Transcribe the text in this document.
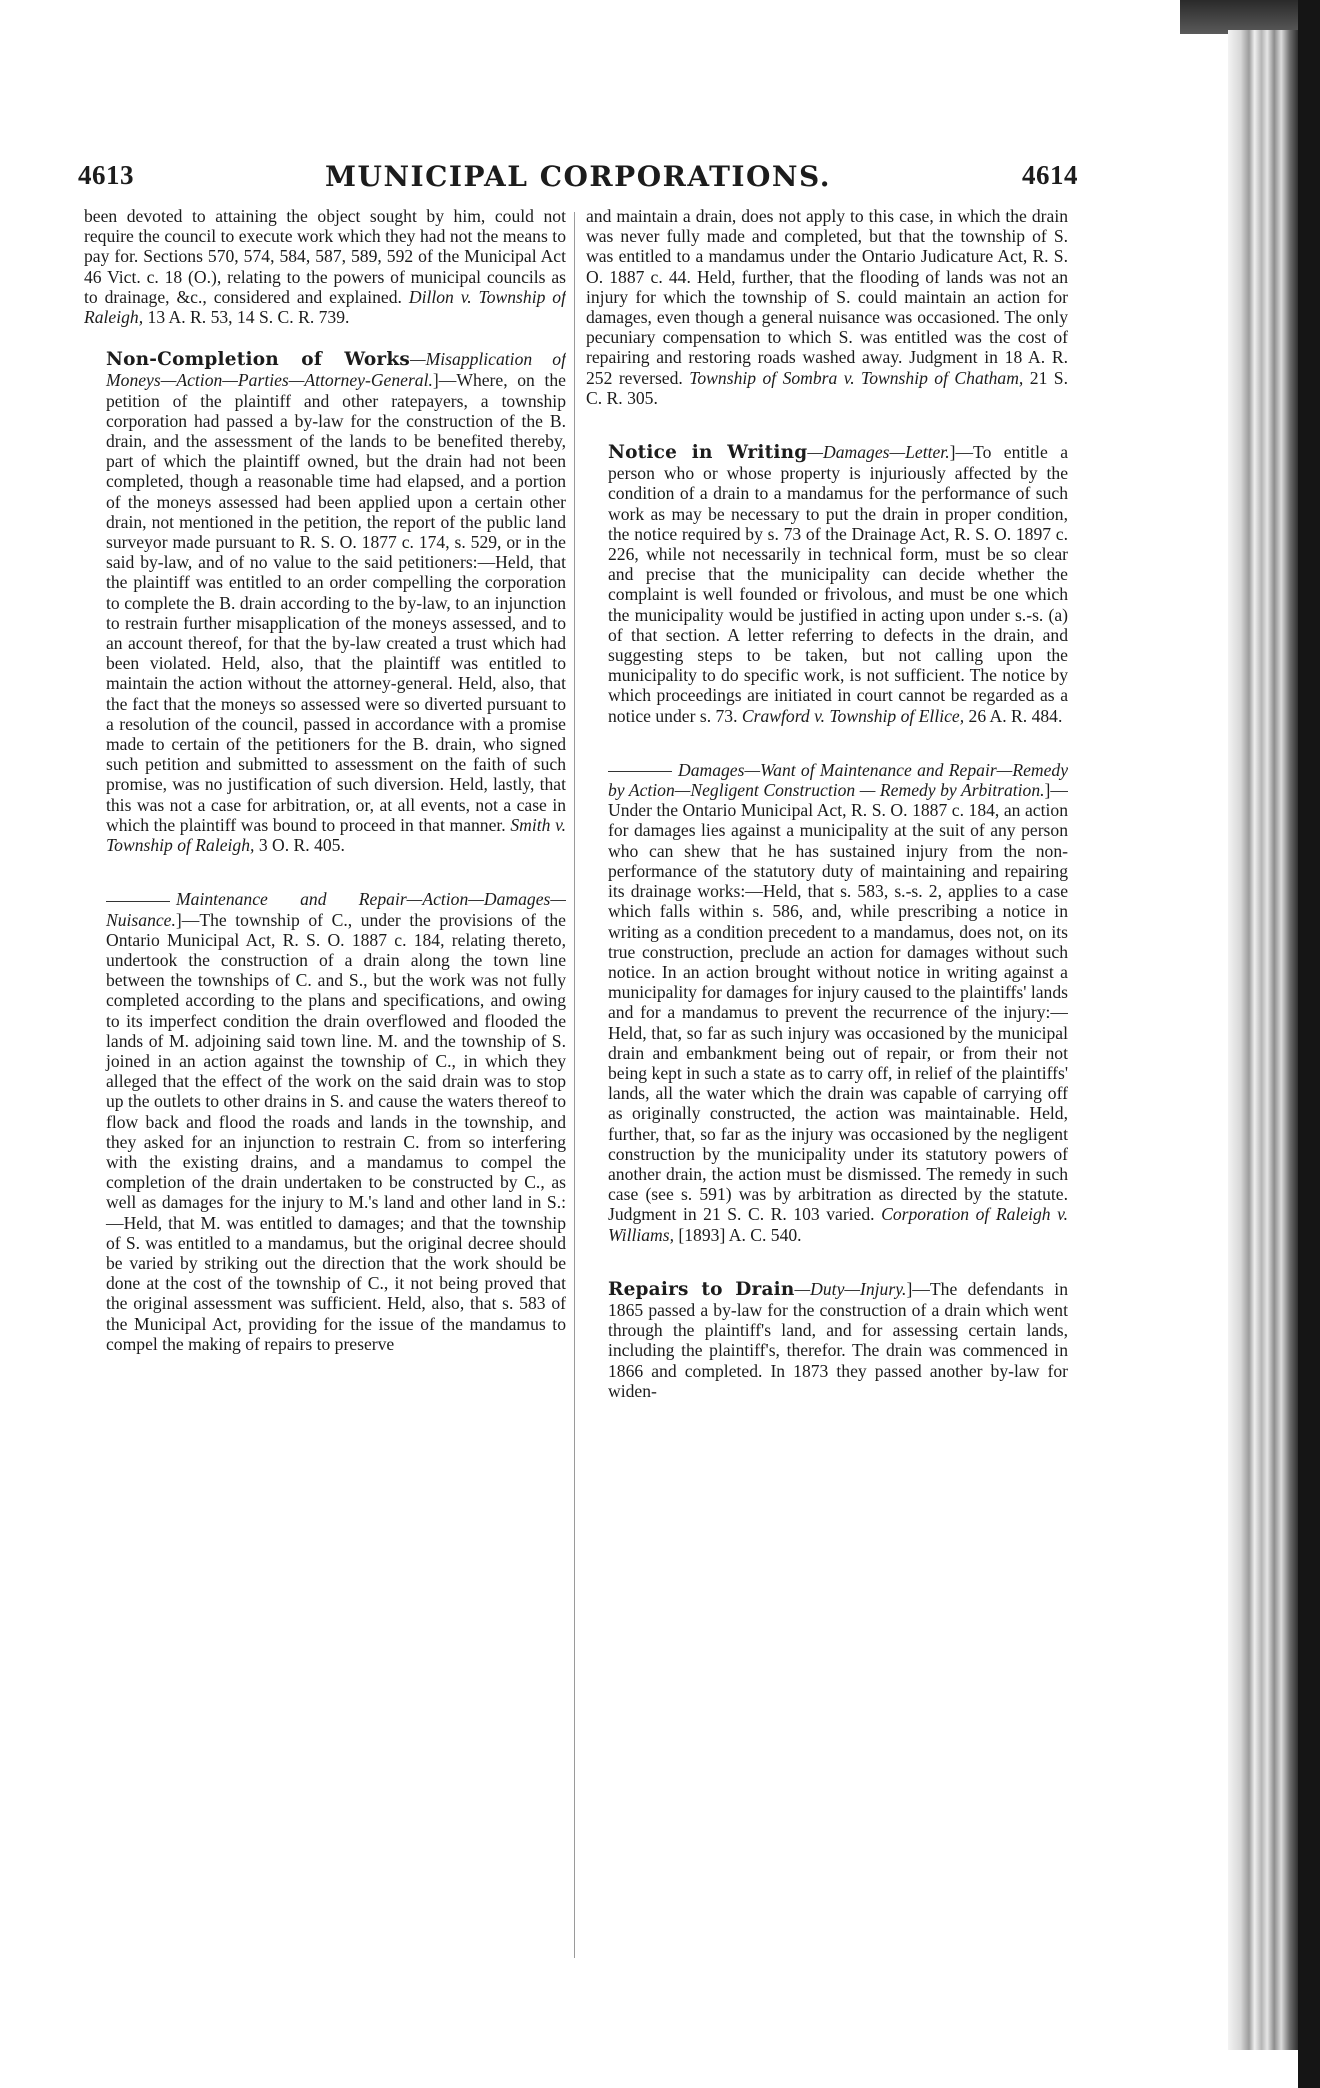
4613	MUNICIPAL CORPORATIONS.	4614

been devoted to attaining the object sought by him, could not require the council to execute work which they had not the means to pay for. Sections 570, 574, 584, 587, 589, 592 of the Municipal Act 46 Vict. c. 18 (O.), relating to the powers of municipal councils as to drainage, &c., considered and explained. Dillon v. Township of Raleigh, 13 A. R. 53, 14 S. C. R. 739.

Non-Completion of Works—Misapplication of Moneys—Action—Parties—Attorney-General.]—Where, on the petition of the plaintiff and other ratepayers, a township corporation had passed a by-law for the construction of the B. drain, and the assessment of the lands to be benefited thereby, part of which the plaintiff owned, but the drain had not been completed, though a reasonable time had elapsed, and a portion of the moneys assessed had been applied upon a certain other drain, not mentioned in the petition, the report of the public land surveyor made pursuant to R. S. O. 1877 c. 174, s. 529, or in the said by-law, and of no value to the said petitioners:—Held, that the plaintiff was entitled to an order compelling the corporation to complete the B. drain according to the by-law, to an injunction to restrain further misapplication of the moneys assessed, and to an account thereof, for that the by-law created a trust which had been violated. Held, also, that the plaintiff was entitled to maintain the action without the attorney-general. Held, also, that the fact that the moneys so assessed were so diverted pursuant to a resolution of the council, passed in accordance with a promise made to certain of the petitioners for the B. drain, who signed such petition and submitted to assessment on the faith of such promise, was no justification of such diversion. Held, lastly, that this was not a case for arbitration, or, at all events, not a case in which the plaintiff was bound to proceed in that manner. Smith v. Township of Raleigh, 3 O. R. 405.

Maintenance and Repair—Action—Damages—Nuisance.]—The township of C., under the provisions of the Ontario Municipal Act, R. S. O. 1887 c. 184, relating thereto, undertook the construction of a drain along the town line between the townships of C. and S., but the work was not fully completed according to the plans and specifications, and owing to its imperfect condition the drain overflowed and flooded the lands of M. adjoining said town line. M. and the township of S. joined in an action against the township of C., in which they alleged that the effect of the work on the said drain was to stop up the outlets to other drains in S. and cause the waters thereof to flow back and flood the roads and lands in the township, and they asked for an injunction to restrain C. from so interfering with the existing drains, and a mandamus to compel the completion of the drain undertaken to be constructed by C., as well as damages for the injury to M.'s land and other land in S.:—Held, that M. was entitled to damages; and that the township of S. was entitled to a mandamus, but the original decree should be varied by striking out the direction that the work should be done at the cost of the township of C., it not being proved that the original assessment was sufficient. Held, also, that s. 583 of the Municipal Act, providing for the issue of the mandamus to compel the making of repairs to preserve

and maintain a drain, does not apply to this case, in which the drain was never fully made and completed, but that the township of S. was entitled to a mandamus under the Ontario Judicature Act, R. S. O. 1887 c. 44. Held, further, that the flooding of lands was not an injury for which the township of S. could maintain an action for damages, even though a general nuisance was occasioned. The only pecuniary compensation to which S. was entitled was the cost of repairing and restoring roads washed away. Judgment in 18 A. R. 252 reversed. Township of Sombra v. Township of Chatham, 21 S. C. R. 305.

Notice in Writing—Damages—Letter.]—To entitle a person who or whose property is injuriously affected by the condition of a drain to a mandamus for the performance of such work as may be necessary to put the drain in proper condition, the notice required by s. 73 of the Drainage Act, R. S. O. 1897 c. 226, while not necessarily in technical form, must be so clear and precise that the municipality can decide whether the complaint is well founded or frivolous, and must be one which the municipality would be justified in acting upon under s.-s. (a) of that section. A letter referring to defects in the drain, and suggesting steps to be taken, but not calling upon the municipality to do specific work, is not sufficient. The notice by which proceedings are initiated in court cannot be regarded as a notice under s. 73. Crawford v. Township of Ellice, 26 A. R. 484.

Damages—Want of Maintenance and Repair—Remedy by Action—Negligent Construction — Remedy by Arbitration.]—Under the Ontario Municipal Act, R. S. O. 1887 c. 184, an action for damages lies against a municipality at the suit of any person who can shew that he has sustained injury from the non-performance of the statutory duty of maintaining and repairing its drainage works:—Held, that s. 583, s.-s. 2, applies to a case which falls within s. 586, and, while prescribing a notice in writing as a condition precedent to a mandamus, does not, on its true construction, preclude an action for damages without such notice. In an action brought without notice in writing against a municipality for damages for injury caused to the plaintiffs' lands and for a mandamus to prevent the recurrence of the injury:—Held, that, so far as such injury was occasioned by the municipal drain and embankment being out of repair, or from their not being kept in such a state as to carry off, in relief of the plaintiffs' lands, all the water which the drain was capable of carrying off as originally constructed, the action was maintainable. Held, further, that, so far as the injury was occasioned by the negligent construction by the municipality under its statutory powers of another drain, the action must be dismissed. The remedy in such case (see s. 591) was by arbitration as directed by the statute. Judgment in 21 S. C. R. 103 varied. Corporation of Raleigh v. Williams, [1893] A. C. 540.

Repairs to Drain—Duty—Injury.]—The defendants in 1865 passed a by-law for the construction of a drain which went through the plaintiff's land, and for assessing certain lands, including the plaintiff's, therefor. The drain was commenced in 1866 and completed. In 1873 they passed another by-law for widen-
